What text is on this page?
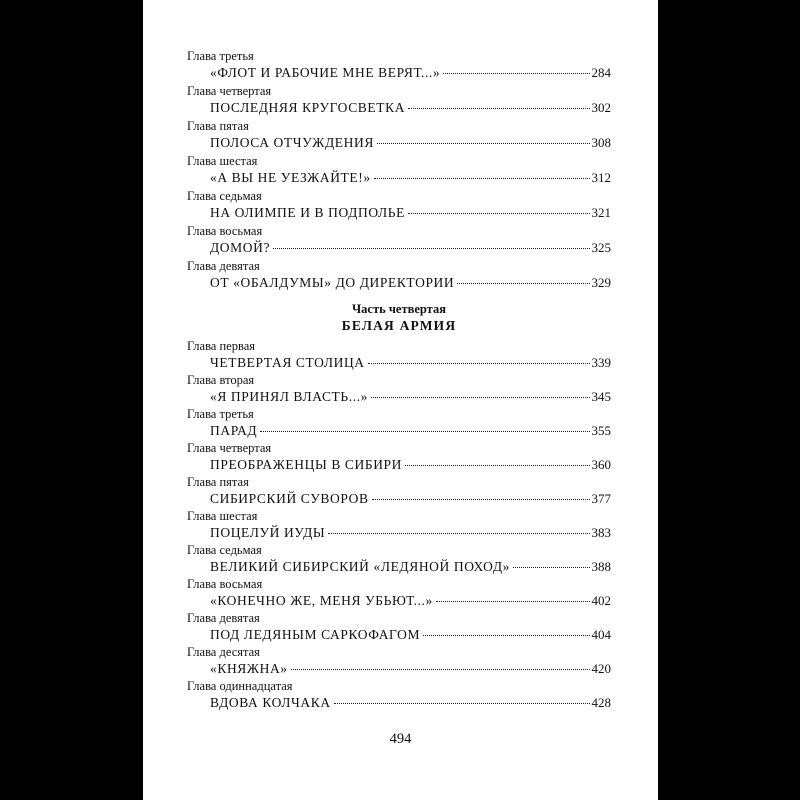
Глава третья
«ФЛОТ И РАБОЧИЕ МНЕ ВЕРЯТ...»	284
Глава четвертая
ПОСЛЕДНЯЯ КРУГОСВЕТКА	302
Глава пятая
ПОЛОСА ОТЧУЖДЕНИЯ	308
Глава шестая
«А ВЫ НЕ УЕЗЖАЙТЕ!»	312
Глава седьмая
НА ОЛИМПЕ И В ПОДПОЛЬЕ	321
Глава восьмая
ДОМОЙ?	325
Глава девятая
ОТ «ОБАЛДУМЫ» ДО ДИРЕКТОРИИ	329
Часть четвертая
БЕЛАЯ АРМИЯ
Глава первая
ЧЕТВЕРТАЯ СТОЛИЦА	339
Глава вторая
«Я ПРИНЯЛ ВЛАСТЬ...»	345
Глава третья
ПАРАД	355
Глава четвертая
ПРЕОБРАЖЕНЦЫ В СИБИРИ	360
Глава пятая
СИБИРСКИЙ СУВОРОВ	377
Глава шестая
ПОЦЕЛУЙ ИУДЫ	383
Глава седьмая
ВЕЛИКИЙ СИБИРСКИЙ «ЛЕДЯНОЙ ПОХОД»	388
Глава восьмая
«КОНЕЧНО ЖЕ, МЕНЯ УБЬЮТ...»	402
Глава девятая
ПОД ЛЕДЯНЫМ САРКОФАГОМ	404
Глава десятая
«КНЯЖНА»	420
Глава одиннадцатая
ВДОВА КОЛЧАКА	428
494
